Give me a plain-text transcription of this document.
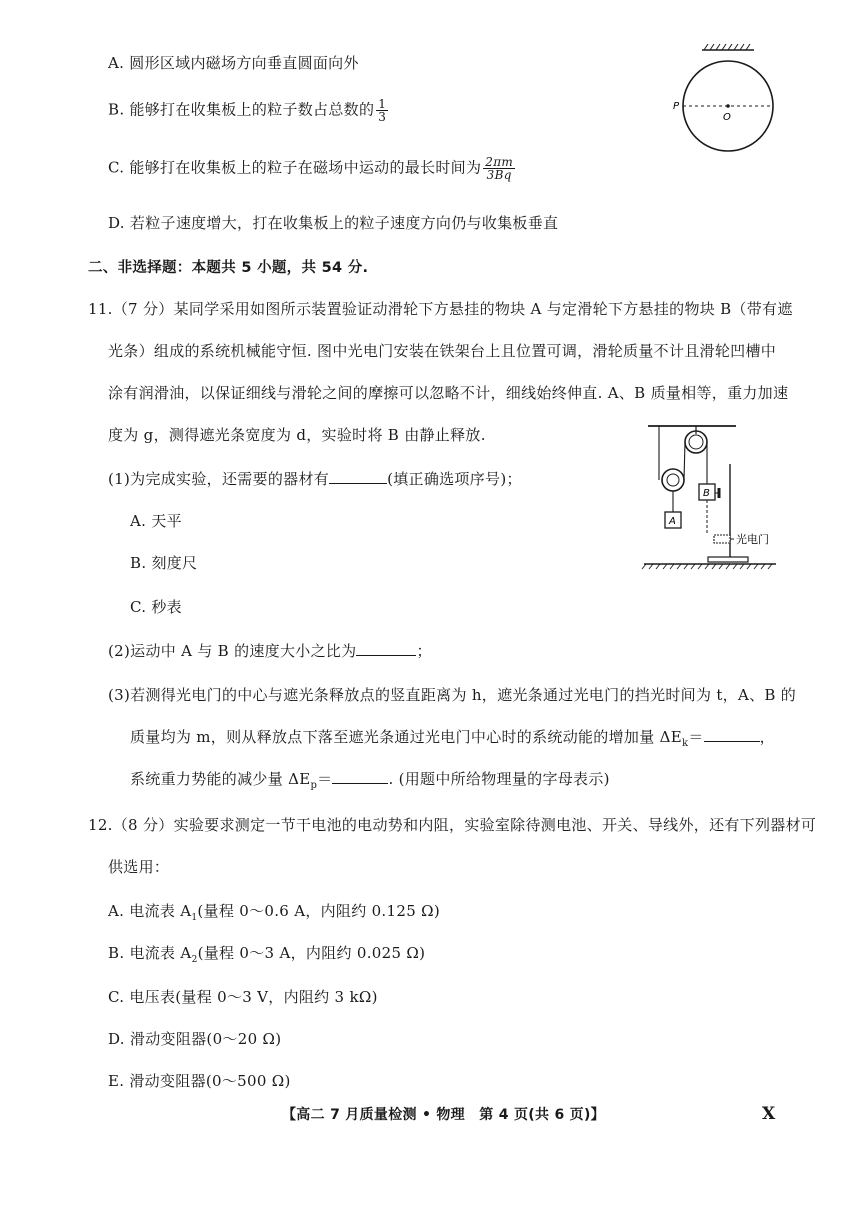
A. 圆形区域内磁场方向垂直圆面向外
B. 能够打在收集板上的粒子数占总数的 $\frac{1}{3}$
C. 能够打在收集板上的粒子在磁场中运动的最长时间为 $\frac{2\pi m}{3Bq}$
D. 若粒子速度增大，打在收集板上的粒子速度方向仍与收集板垂直
P
O
二、非选择题：本题共 5 小题，共 54 分.
11.（7 分）某同学采用如图所示装置验证动滑轮下方悬挂的物块 A 与定滑轮下方悬挂的物块 B（带有遮
光条）组成的系统机械能守恒. 图中光电门安装在铁架台上且位置可调，滑轮质量不计且滑轮凹槽中
涂有润滑油，以保证细线与滑轮之间的摩擦可以忽略不计，细线始终伸直. A、B 质量相等，重力加速
度为 g，测得遮光条宽度为 d，实验时将 B 由静止释放.
(1)为完成实验，还需要的器材有	(填正确选项序号)；
A. 天平
B. 刻度尺
C. 秒表
(2)运动中 A 与 B 的速度大小之比为	；
(3)若测得光电门的中心与遮光条释放点的竖直距离为 h，遮光条通过光电门的挡光时间为 t，A、B 的
质量均为 m，则从释放点下落至遮光条通过光电门中心时的系统动能的增加量 $\Delta E_k=$	，
系统重力势能的减少量 $\Delta E_p=$	. (用题中所给物理量的字母表示)
A
B
光电门
12.（8 分）实验要求测定一节干电池的电动势和内阻，实验室除待测电池、开关、导线外，还有下列器材可
供选用：
A. 电流表 $A_1$(量程 0～0.6 A，内阻约 0.125 Ω)
B. 电流表 $A_2$(量程 0～3 A，内阻约 0.025 Ω)
C. 电压表(量程 0～3 V，内阻约 3 kΩ)
D. 滑动变阻器(0～20 Ω)
E. 滑动变阻器(0～500 Ω)
【高二 7 月质量检测 • 物理　第 4 页(共 6 页)】	X
